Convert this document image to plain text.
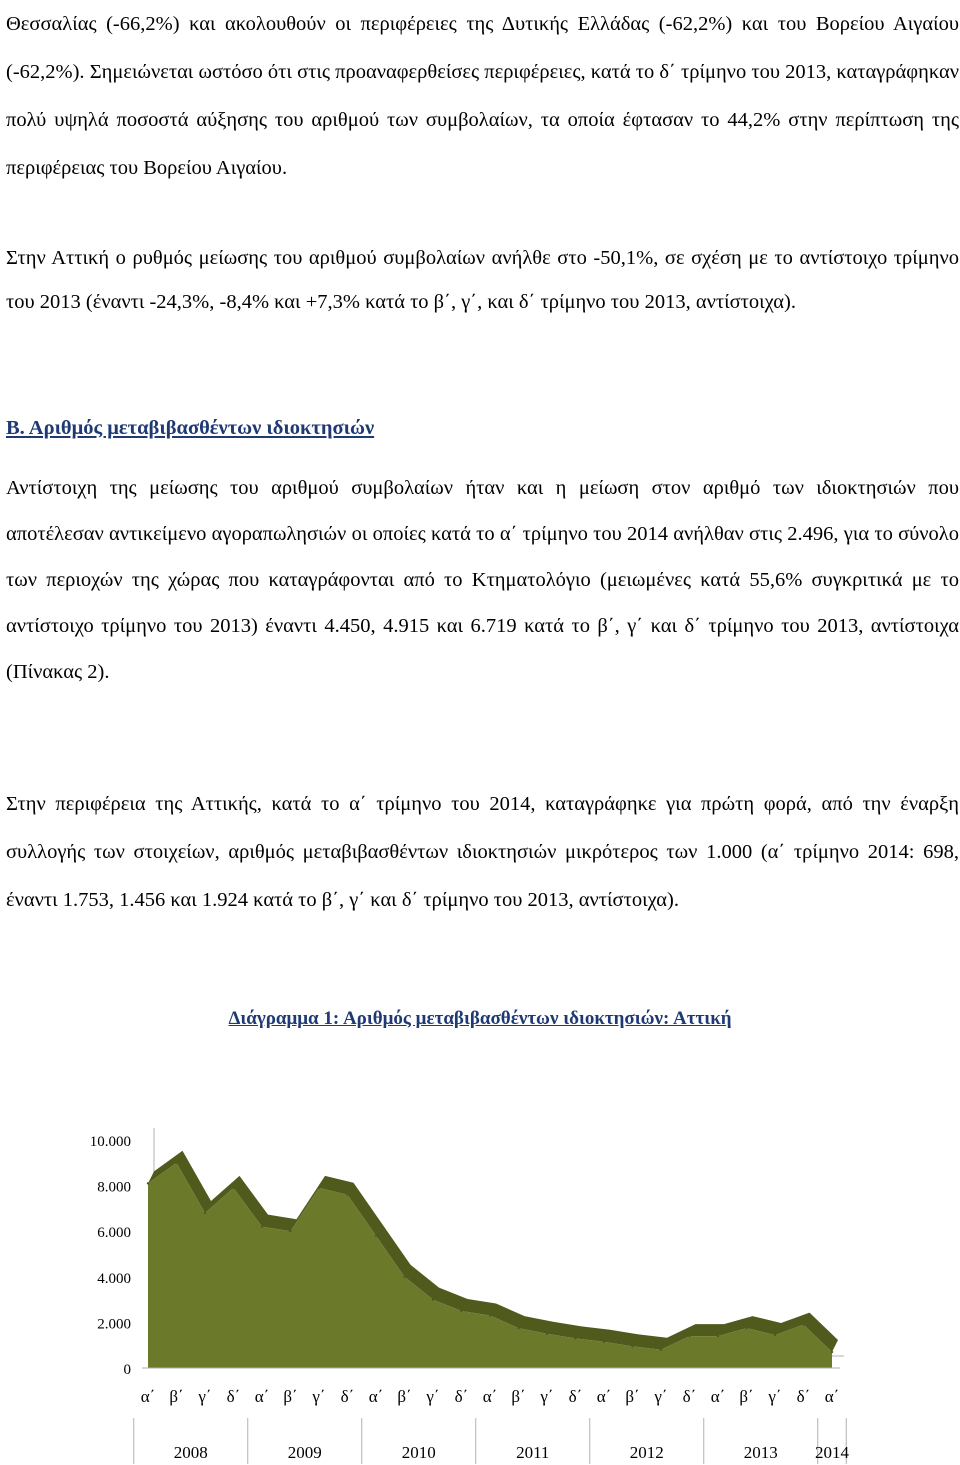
Θεσσαλίας (-66,2%) και ακολουθούν οι περιφέρειες της Δυτικής Ελλάδας (-62,2%) και του Βορείου Αιγαίου (-62,2%). Σημειώνεται ωστόσο ότι στις προαναφερθείσες περιφέρειες, κατά το δ΄ τρίμηνο του 2013, καταγράφηκαν πολύ υψηλά ποσοστά αύξησης του αριθμού των συμβολαίων, τα οποία έφτασαν το 44,2% στην περίπτωση της περιφέρειας του Βορείου Αιγαίου.

Στην Αττική ο ρυθμός μείωσης του αριθμού συμβολαίων ανήλθε στο -50,1%, σε σχέση με το αντίστοιχο τρίμηνο του 2013 (έναντι -24,3%, -8,4% και +7,3% κατά το β΄, γ΄, και δ΄ τρίμηνο του 2013, αντίστοιχα).

Β. Αριθμός μεταβιβασθέντων ιδιοκτησιών

Αντίστοιχη της μείωσης του αριθμού συμβολαίων ήταν και η μείωση στον αριθμό των ιδιοκτησιών που αποτέλεσαν αντικείμενο αγοραπωλησιών οι οποίες κατά το α΄ τρίμηνο του 2014 ανήλθαν στις 2.496, για το σύνολο των περιοχών της χώρας που καταγράφονται από το Κτηματολόγιο (μειωμένες κατά 55,6% συγκριτικά με το αντίστοιχο τρίμηνο του 2013) έναντι 4.450, 4.915 και 6.719 κατά το β΄, γ΄ και δ΄ τρίμηνο του 2013, αντίστοιχα (Πίνακας 2).

Στην περιφέρεια της Αττικής, κατά το α΄ τρίμηνο του 2014, καταγράφηκε για πρώτη φορά, από την έναρξη συλλογής των στοιχείων, αριθμός μεταβιβασθέντων ιδιοκτησιών μικρότερος των 1.000 (α΄ τρίμηνο 2014: 698, έναντι 1.753, 1.456 και 1.924 κατά το β΄, γ΄ και δ΄ τρίμηνο του 2013, αντίστοιχα).

Διάγραμμα 1: Αριθμός μεταβιβασθέντων ιδιοκτησιών: Αττική

0
2.000
4.000
6.000
8.000
10.000
α΄ β΄ γ΄ δ΄ α΄ β΄ γ΄ δ΄ α΄ β΄ γ΄ δ΄ α΄ β΄ γ΄ δ΄ α΄ β΄ γ΄ δ΄ α΄ β΄ γ΄ δ΄ α΄
2008	2009	2010	2011	2012	2013 2014
